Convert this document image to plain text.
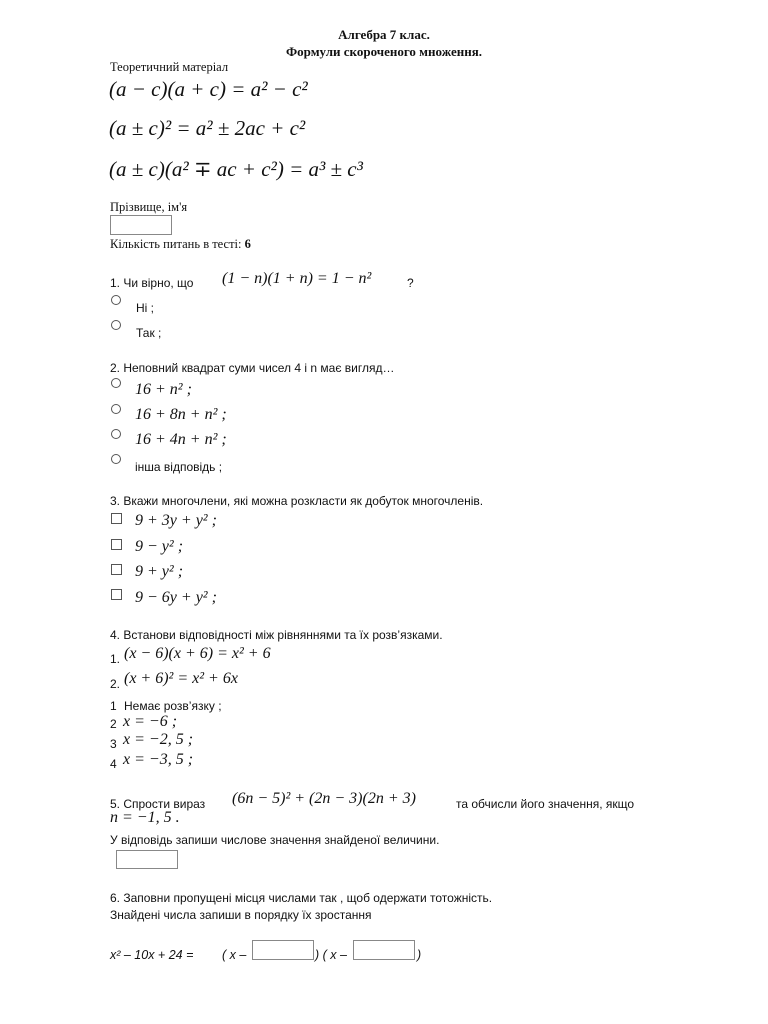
Алгебра 7 клас.
Формули скороченого множення.
Теоретичний матеріал
(a − c)(a + c) = a² − c²
(a ± c)² = a² ± 2ac + c²
(a ± c)(a² ∓ ac + c²) = a³ ± c³
Прізвище, ім'я
Кількість питань в тесті: 6
1. Чи вірно, що (1 − n)(1 + n) = 1 − n²	?
Ні ;
Так ;
2. Неповний квадрат суми чисел 4 і n має вигляд…
16 + n² ;
16 + 8n + n² ;
16 + 4n + n² ;
інша відповідь ;
3. Вкажи многочлени, які можна розкласти як добуток многочленів.
9 + 3y + y² ;
9 − y² ;
9 + y² ;
9 − 6y + y² ;
4. Встанови відповідності між рівняннями та їх розв’язками.
1. (x − 6)(x + 6) = x² + 6
2. (x + 6)² = x² + 6x
1 Немає розв’язку ;
2 x = −6 ;
3 x = −2, 5 ;
4 x = −3, 5 ;
5. Спрости вираз (6n − 5)² + (2n − 3)(2n + 3)	та обчисли його значення, якщо
n = −1, 5 .
У відповідь запиши числове значення знайденої величини.
6. Заповни пропущені місця числами так , щоб одержати тотожність.
Знайдені числа запиши в порядку їх зростання
x² – 10x + 24 = ( x –	) ( x –	)
